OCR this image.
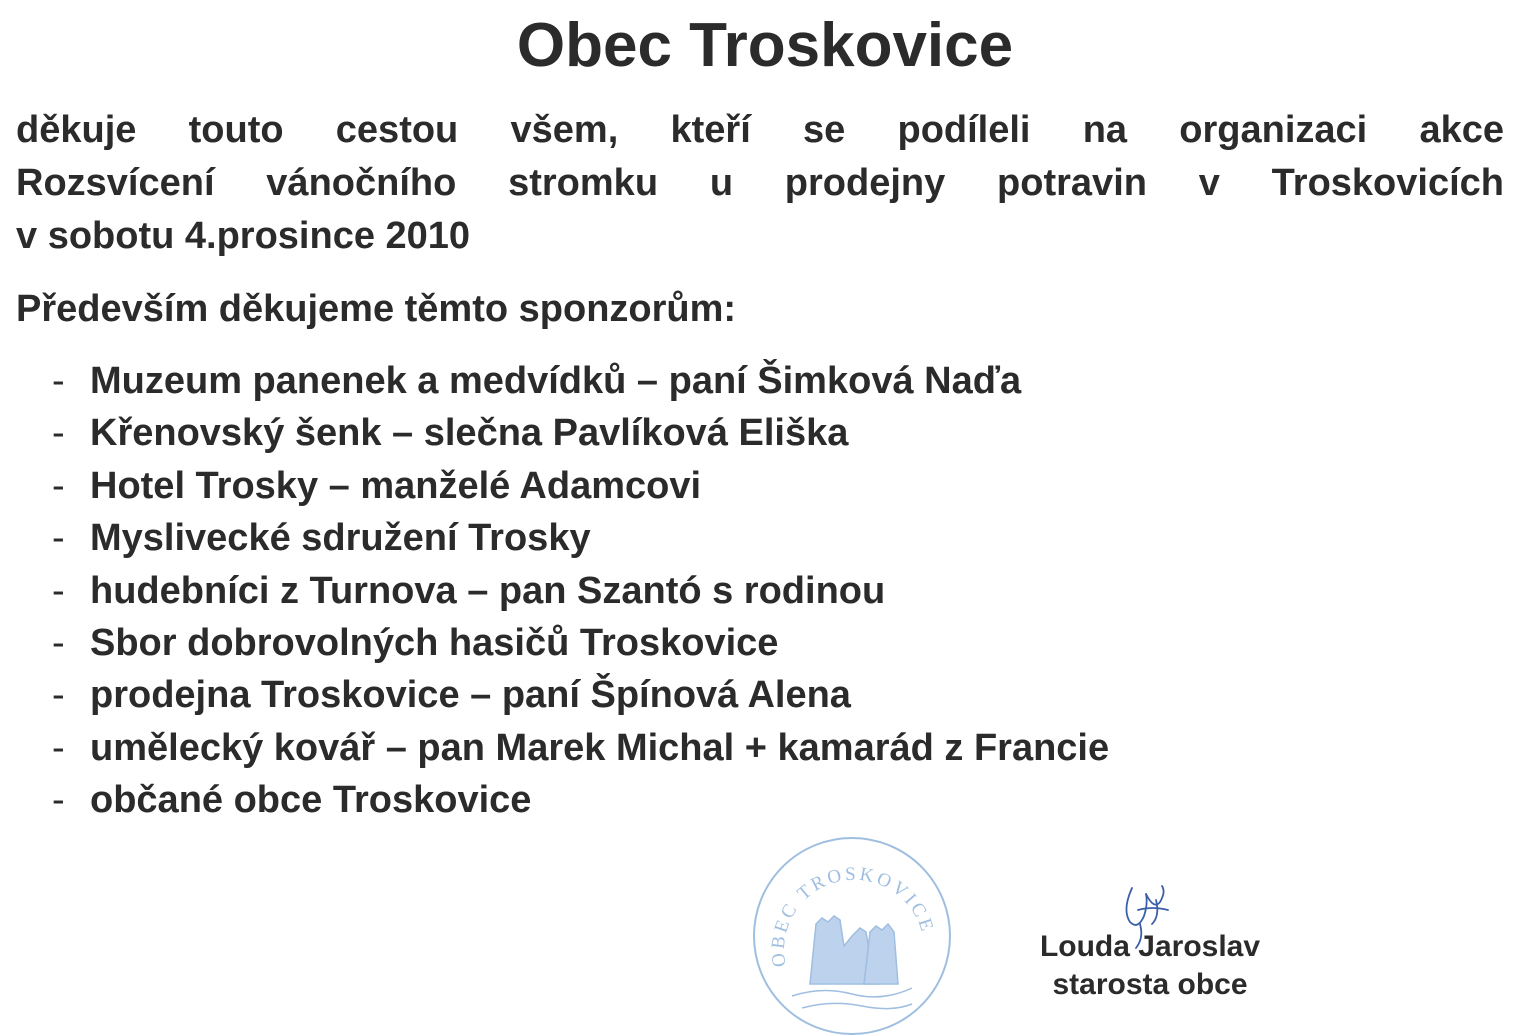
Obec Troskovice
děkuje touto cestou všem, kteří se podíleli na organizaci akce
Rozsvícení vánočního stromku u prodejny potravin v Troskovicích
v sobotu 4.prosince 2010
Především děkujeme těmto sponzorům:
- Muzeum panenek a medvídků – paní Šimková Naďa
- Křenovský šenk – slečna Pavlíková Eliška
- Hotel Trosky – manželé Adamcovi
- Myslivecké sdružení Trosky
- hudebníci z Turnova – pan Szantó s rodinou
- Sbor dobrovolných hasičů Troskovice
- prodejna Troskovice – paní Špínová Alena
- umělecký kovář – pan Marek Michal + kamarád z Francie
- občané obce Troskovice
OBEC TROSKOVICE
Louda Jaroslav
starosta obce
